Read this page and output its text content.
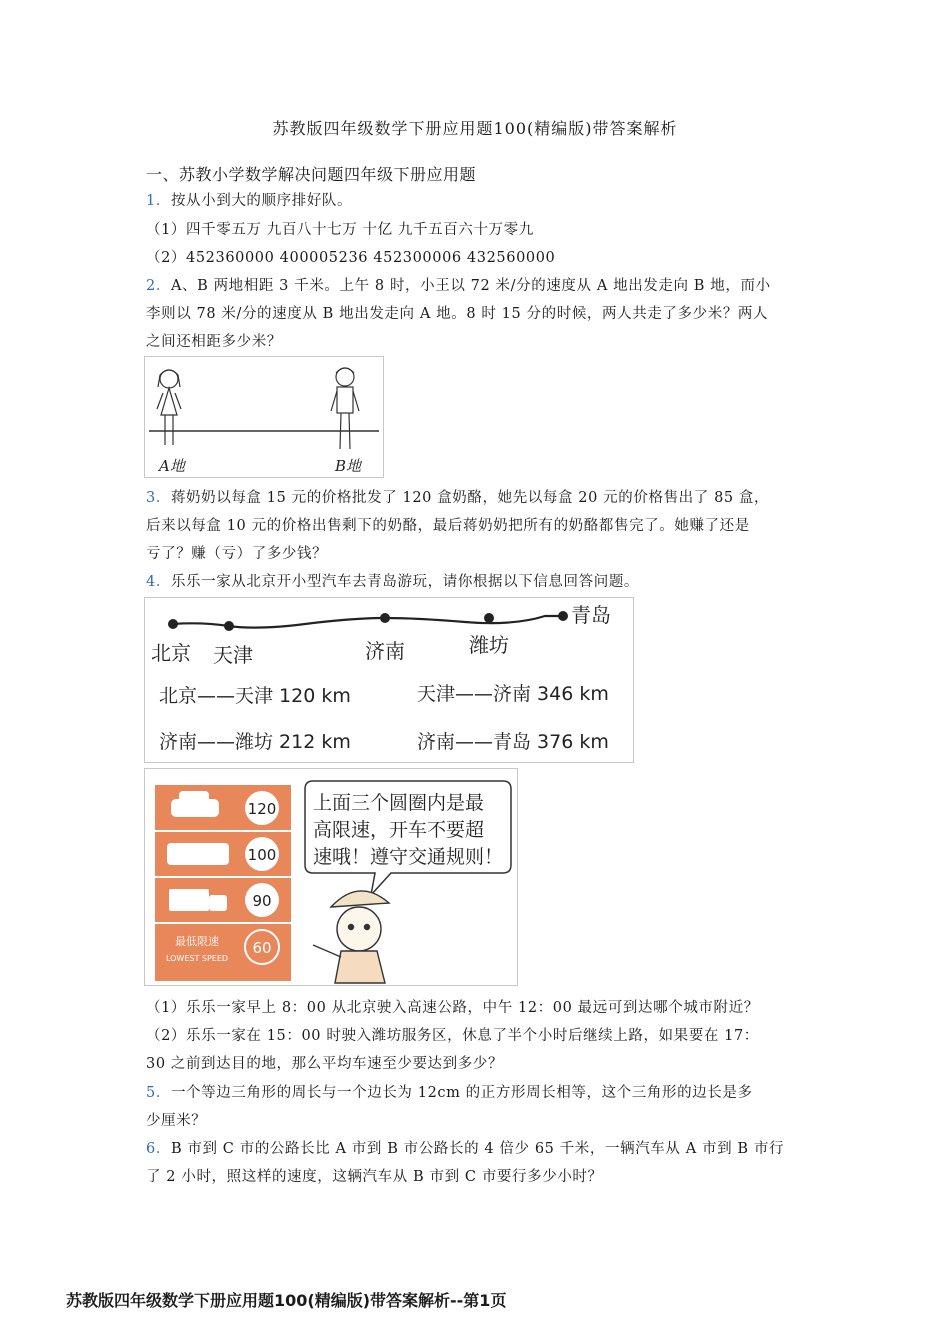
苏教版四年级数学下册应用题100(精编版)带答案解析
一、苏教小学数学解决问题四年级下册应用题
1．按从小到大的顺序排好队。
（1）四千零五万 九百八十七万 十亿 九千五百六十万零九
（2）452360000 400005236 452300006 432560000
2．A、B 两地相距 3 千米。上午 8 时，小王以 72 米/分的速度从 A 地出发走向 B 地，而小
李则以 78 米/分的速度从 B 地出发走向 A 地。8 时 15 分的时候，两人共走了多少米？两人
之间还相距多少米？
A地	B地
3．蒋奶奶以每盒 15 元的价格批发了 120 盒奶酪，她先以每盒 20 元的价格售出了 85 盒，
后来以每盒 10 元的价格出售剩下的奶酪，最后蒋奶奶把所有的奶酪都售完了。她赚了还是
亏了？赚（亏）了多少钱？
4．乐乐一家从北京开小型汽车去青岛游玩，请你根据以下信息回答问题。
北京 天津	济南	潍坊
青岛
北京——天津 120 km	天津——济南 346 km
济南——潍坊 212 km	济南——青岛 376 km
120
100
90
60
最低限速
LOWEST SPEED
上面三个圆圈内是最
高限速，开车不要超
速哦！遵守交通规则！
（1）乐乐一家早上 8：00 从北京驶入高速公路，中午 12：00 最远可到达哪个城市附近？
（2）乐乐一家在 15：00 时驶入潍坊服务区，休息了半个小时后继续上路，如果要在 17：
30 之前到达目的地，那么平均车速至少要达到多少？
5．一个等边三角形的周长与一个边长为 12cm 的正方形周长相等，这个三角形的边长是多
少厘米？
6．B 市到 C 市的公路长比 A 市到 B 市公路长的 4 倍少 65 千米，一辆汽车从 A 市到 B 市行
了 2 小时，照这样的速度，这辆汽车从 B 市到 C 市要行多少小时？
苏教版四年级数学下册应用题100(精编版)带答案解析--第1页
